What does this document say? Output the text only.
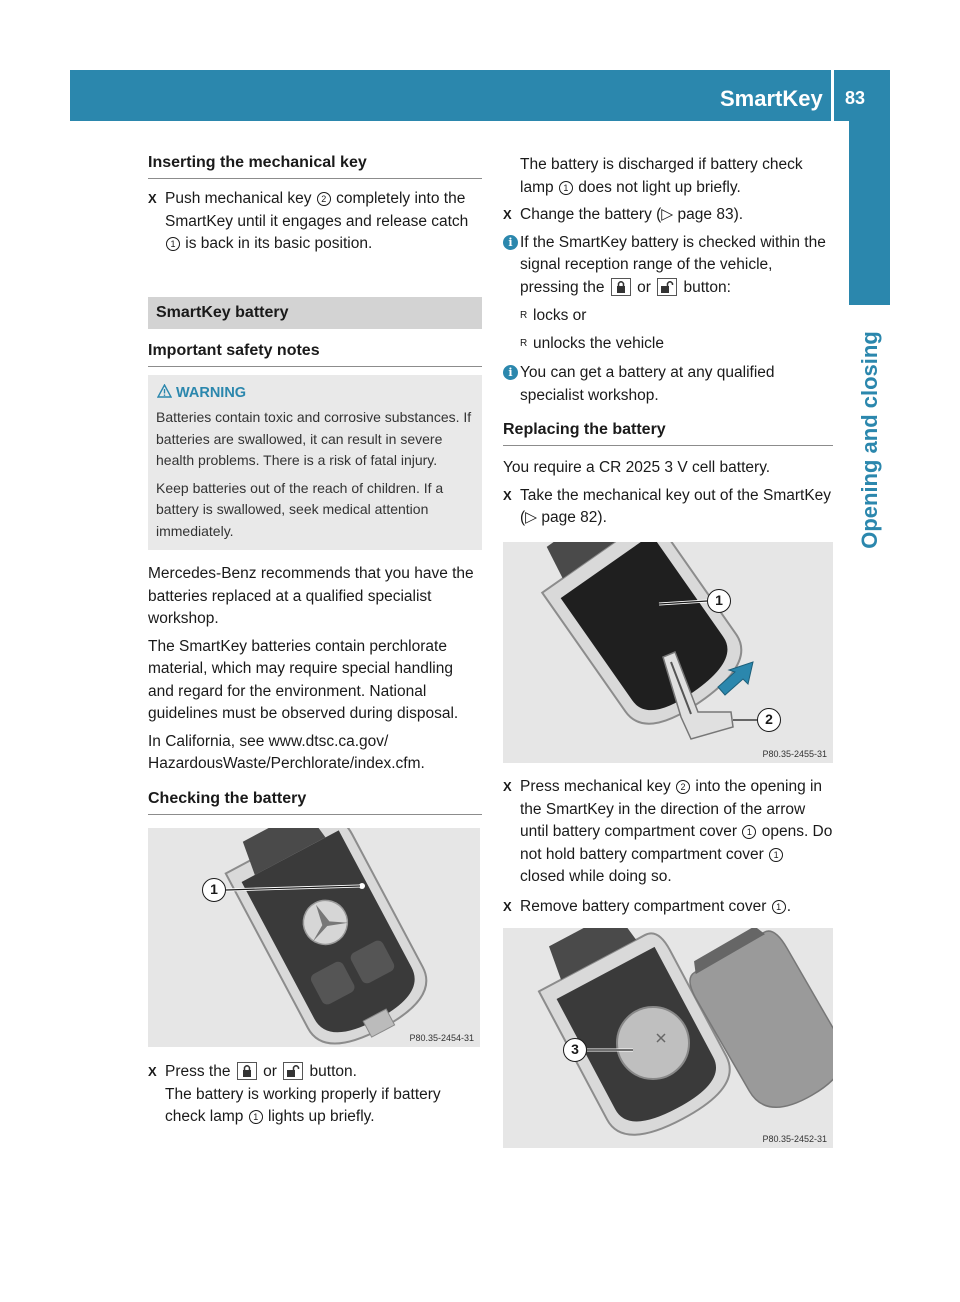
SmartKey 83
Opening and closing
Inserting the mechanical key
X Push mechanical key 2 completely into the SmartKey until it engages and release catch 1 is back in its basic position.
SmartKey battery
Important safety notes
WARNING
Batteries contain toxic and corrosive substances. If batteries are swallowed, it can result in severe health problems. There is a risk of fatal injury.
Keep batteries out of the reach of children. If a battery is swallowed, seek medical attention immediately.
Mercedes-Benz recommends that you have the batteries replaced at a qualified specialist workshop.
The SmartKey batteries contain perchlorate material, which may require special handling and regard for the environment. National guidelines must be observed during disposal.
In California, see www.dtsc.ca.gov/ HazardousWaste/Perchlorate/index.cfm.
Checking the battery
1
P80.35-2454-31
X Press the or button.
The battery is working properly if battery check lamp 1 lights up briefly.
The battery is discharged if battery check lamp 1 does not light up briefly.
X Change the battery (▷ page 83).
i If the SmartKey battery is checked within the signal reception range of the vehicle, pressing the or button:
R locks or
R unlocks the vehicle
i You can get a battery at any qualified specialist workshop.
Replacing the battery
You require a CR 2025 3 V cell battery.
X Take the mechanical key out of the SmartKey (▷ page 82).
1
2
P80.35-2455-31
X Press mechanical key 2 into the opening in the SmartKey in the direction of the arrow until battery compartment cover 1 opens. Do not hold battery compartment cover 1 closed while doing so.
X Remove battery compartment cover 1 .
3
P80.35-2452-31
